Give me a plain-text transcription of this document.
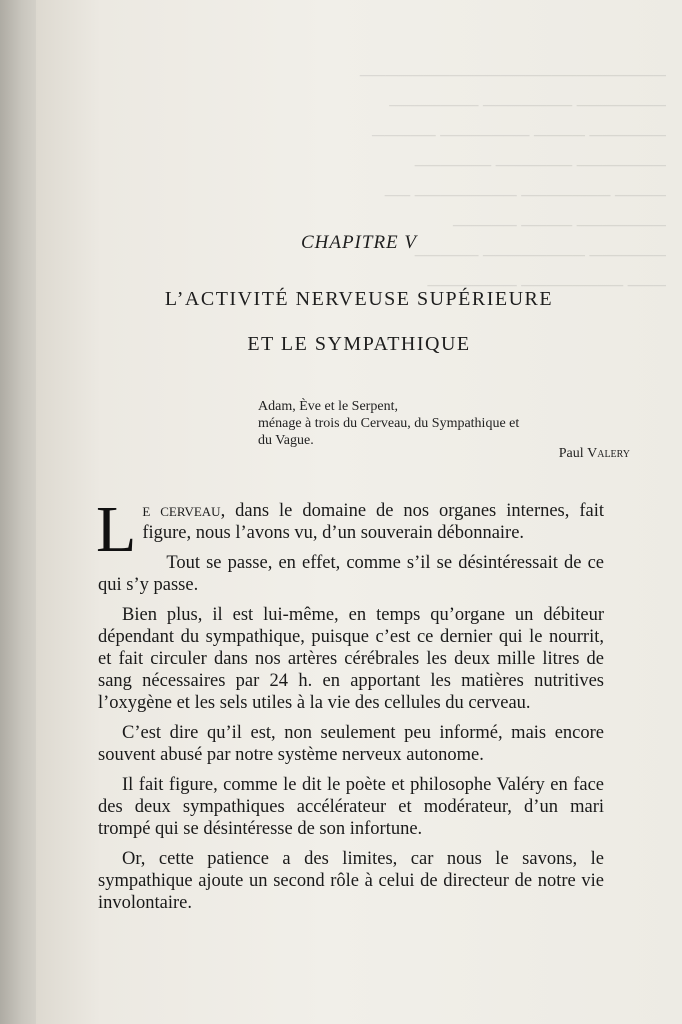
────────────────────────
─────── ─────── ───────
────── ──── ─────── ─────
─────── ────── ──────
──── ─────── ──────── ──
─────── ──── ─────
────── ──────── ─────
─── ──────── ───────
CHAPITRE V
L’ACTIVITÉ NERVEUSE SUPÉRIEURE
ET LE SYMPATHIQUE
Adam, Ève et le Serpent,
ménage à trois du Cerveau, du Sympathique et
du Vague.
Paul Valery

Le cerveau, dans le domaine de nos organes internes, fait figure, nous l’avons vu, d’un souverain débonnaire.

Tout se passe, en effet, comme s’il se désintéressait de ce qui s’y passe.

Bien plus, il est lui-même, en temps qu’organe un débiteur dépendant du sympathique, puisque c’est ce dernier qui le nourrit, et fait circuler dans nos artères cérébrales les deux mille litres de sang nécessaires par 24 h. en apportant les matières nutritives l’oxygène et les sels utiles à la vie des cellules du cerveau.

C’est dire qu’il est, non seulement peu informé, mais encore souvent abusé par notre système nerveux autonome.

Il fait figure, comme le dit le poète et philosophe Valéry en face des deux sympathiques accélérateur et modérateur, d’un mari trompé qui se désintéresse de son infortune.

Or, cette patience a des limites, car nous le savons, le sympathique ajoute un second rôle à celui de directeur de notre vie involontaire.
